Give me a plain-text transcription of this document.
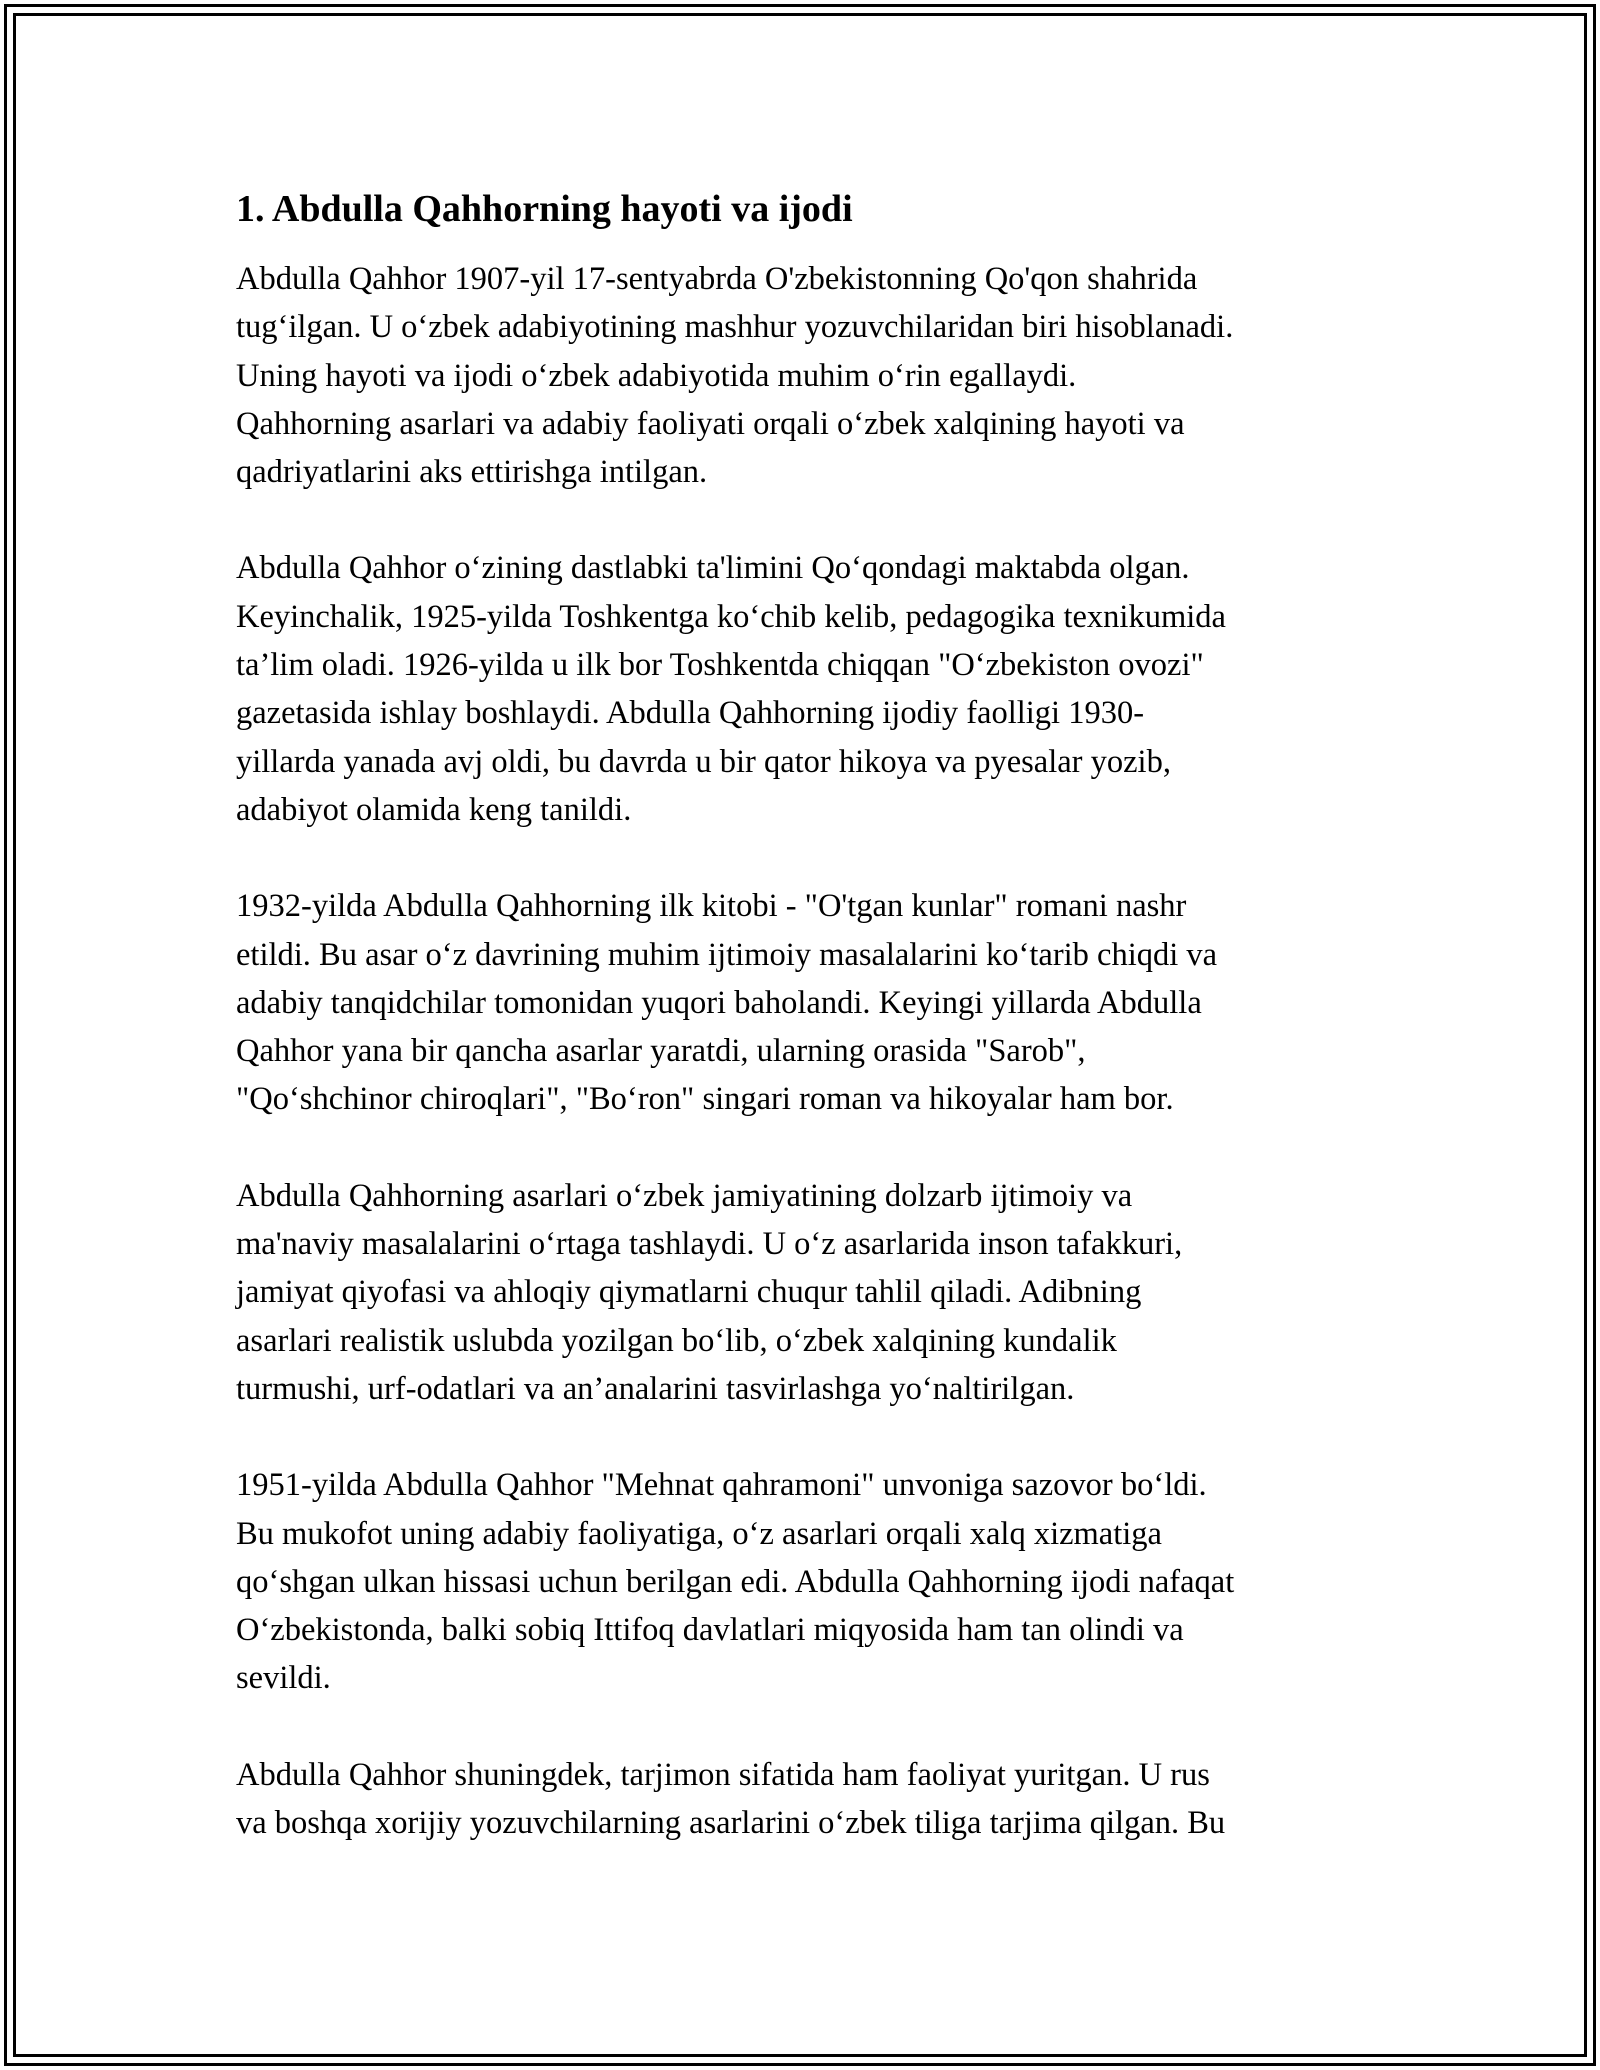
1. Abdulla Qahhorning hayoti va ijodi

Abdulla Qahhor 1907-yil 17-sentyabrda O'zbekistonning Qo'qon shahrida
tug‘ilgan. U o‘zbek adabiyotining mashhur yozuvchilaridan biri hisoblanadi.
Uning hayoti va ijodi o‘zbek adabiyotida muhim o‘rin egallaydi.
Qahhorning asarlari va adabiy faoliyati orqali o‘zbek xalqining hayoti va
qadriyatlarini aks ettirishga intilgan.

Abdulla Qahhor o‘zining dastlabki ta'limini Qo‘qondagi maktabda olgan.
Keyinchalik, 1925-yilda Toshkentga ko‘chib kelib, pedagogika texnikumida
ta’lim oladi. 1926-yilda u ilk bor Toshkentda chiqqan "O‘zbekiston ovozi"
gazetasida ishlay boshlaydi. Abdulla Qahhorning ijodiy faolligi 1930-
yillarda yanada avj oldi, bu davrda u bir qator hikoya va pyesalar yozib,
adabiyot olamida keng tanildi.

1932-yilda Abdulla Qahhorning ilk kitobi - "O'tgan kunlar" romani nashr
etildi. Bu asar o‘z davrining muhim ijtimoiy masalalarini ko‘tarib chiqdi va
adabiy tanqidchilar tomonidan yuqori baholandi. Keyingi yillarda Abdulla
Qahhor yana bir qancha asarlar yaratdi, ularning orasida "Sarob",
"Qo‘shchinor chiroqlari", "Bo‘ron" singari roman va hikoyalar ham bor.

Abdulla Qahhorning asarlari o‘zbek jamiyatining dolzarb ijtimoiy va
ma'naviy masalalarini o‘rtaga tashlaydi. U o‘z asarlarida inson tafakkuri,
jamiyat qiyofasi va ahloqiy qiymatlarni chuqur tahlil qiladi. Adibning
asarlari realistik uslubda yozilgan bo‘lib, o‘zbek xalqining kundalik
turmushi, urf-odatlari va an’analarini tasvirlashga yo‘naltirilgan.

1951-yilda Abdulla Qahhor "Mehnat qahramoni" unvoniga sazovor bo‘ldi.
Bu mukofot uning adabiy faoliyatiga, o‘z asarlari orqali xalq xizmatiga
qo‘shgan ulkan hissasi uchun berilgan edi. Abdulla Qahhorning ijodi nafaqat
O‘zbekistonda, balki sobiq Ittifoq davlatlari miqyosida ham tan olindi va
sevildi.

Abdulla Qahhor shuningdek, tarjimon sifatida ham faoliyat yuritgan. U rus
va boshqa xorijiy yozuvchilarning asarlarini o‘zbek tiliga tarjima qilgan. Bu
